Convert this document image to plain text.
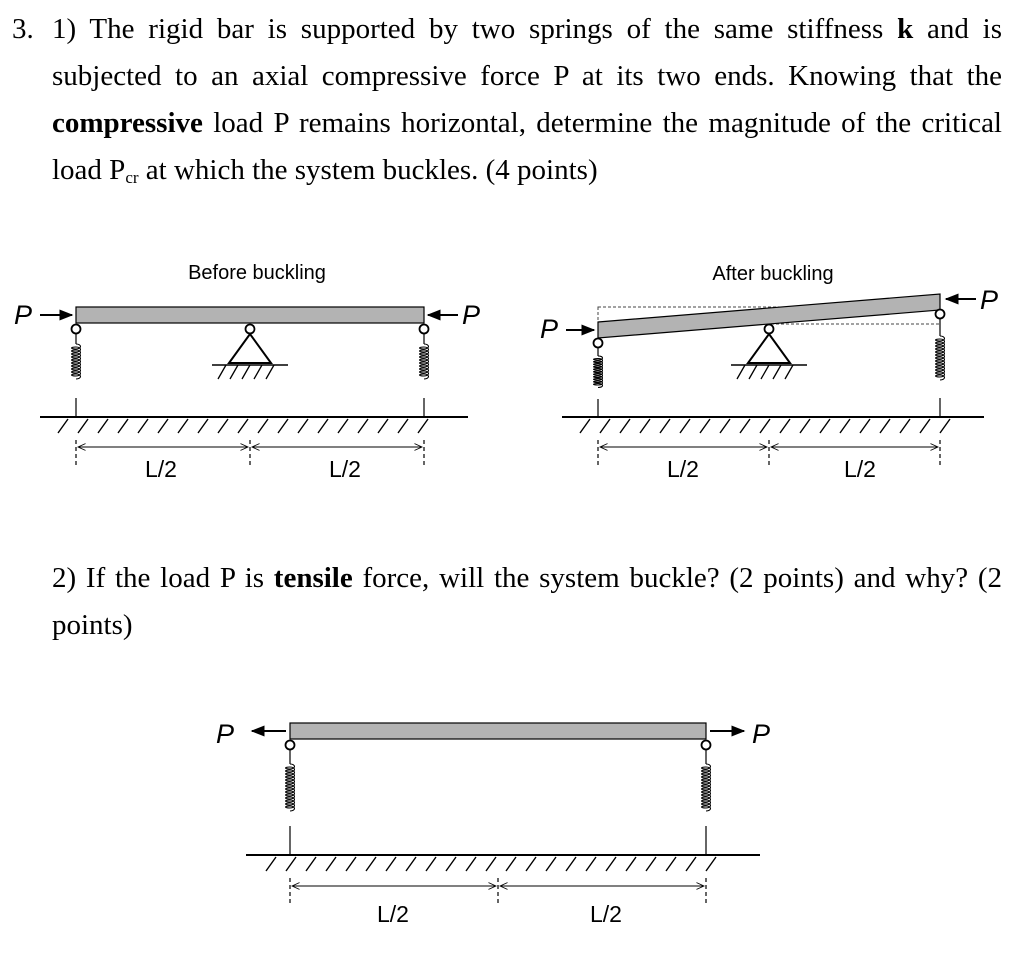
3. 1) The rigid bar is supported by two springs of the same stiffness k and is subjected to an axial compressive force P at its two ends. Knowing that the compressive load P remains horizontal, determine the magnitude of the critical load $P_{cr}$ at which the system buckles. (4 points)
2) If the load P is tensile force, will the system buckle? (2 points) and why? (2 points)
Before buckling
P	P
L/2	L/2
After buckling
P
P
L/2	L/2
P	P
L/2	L/2
